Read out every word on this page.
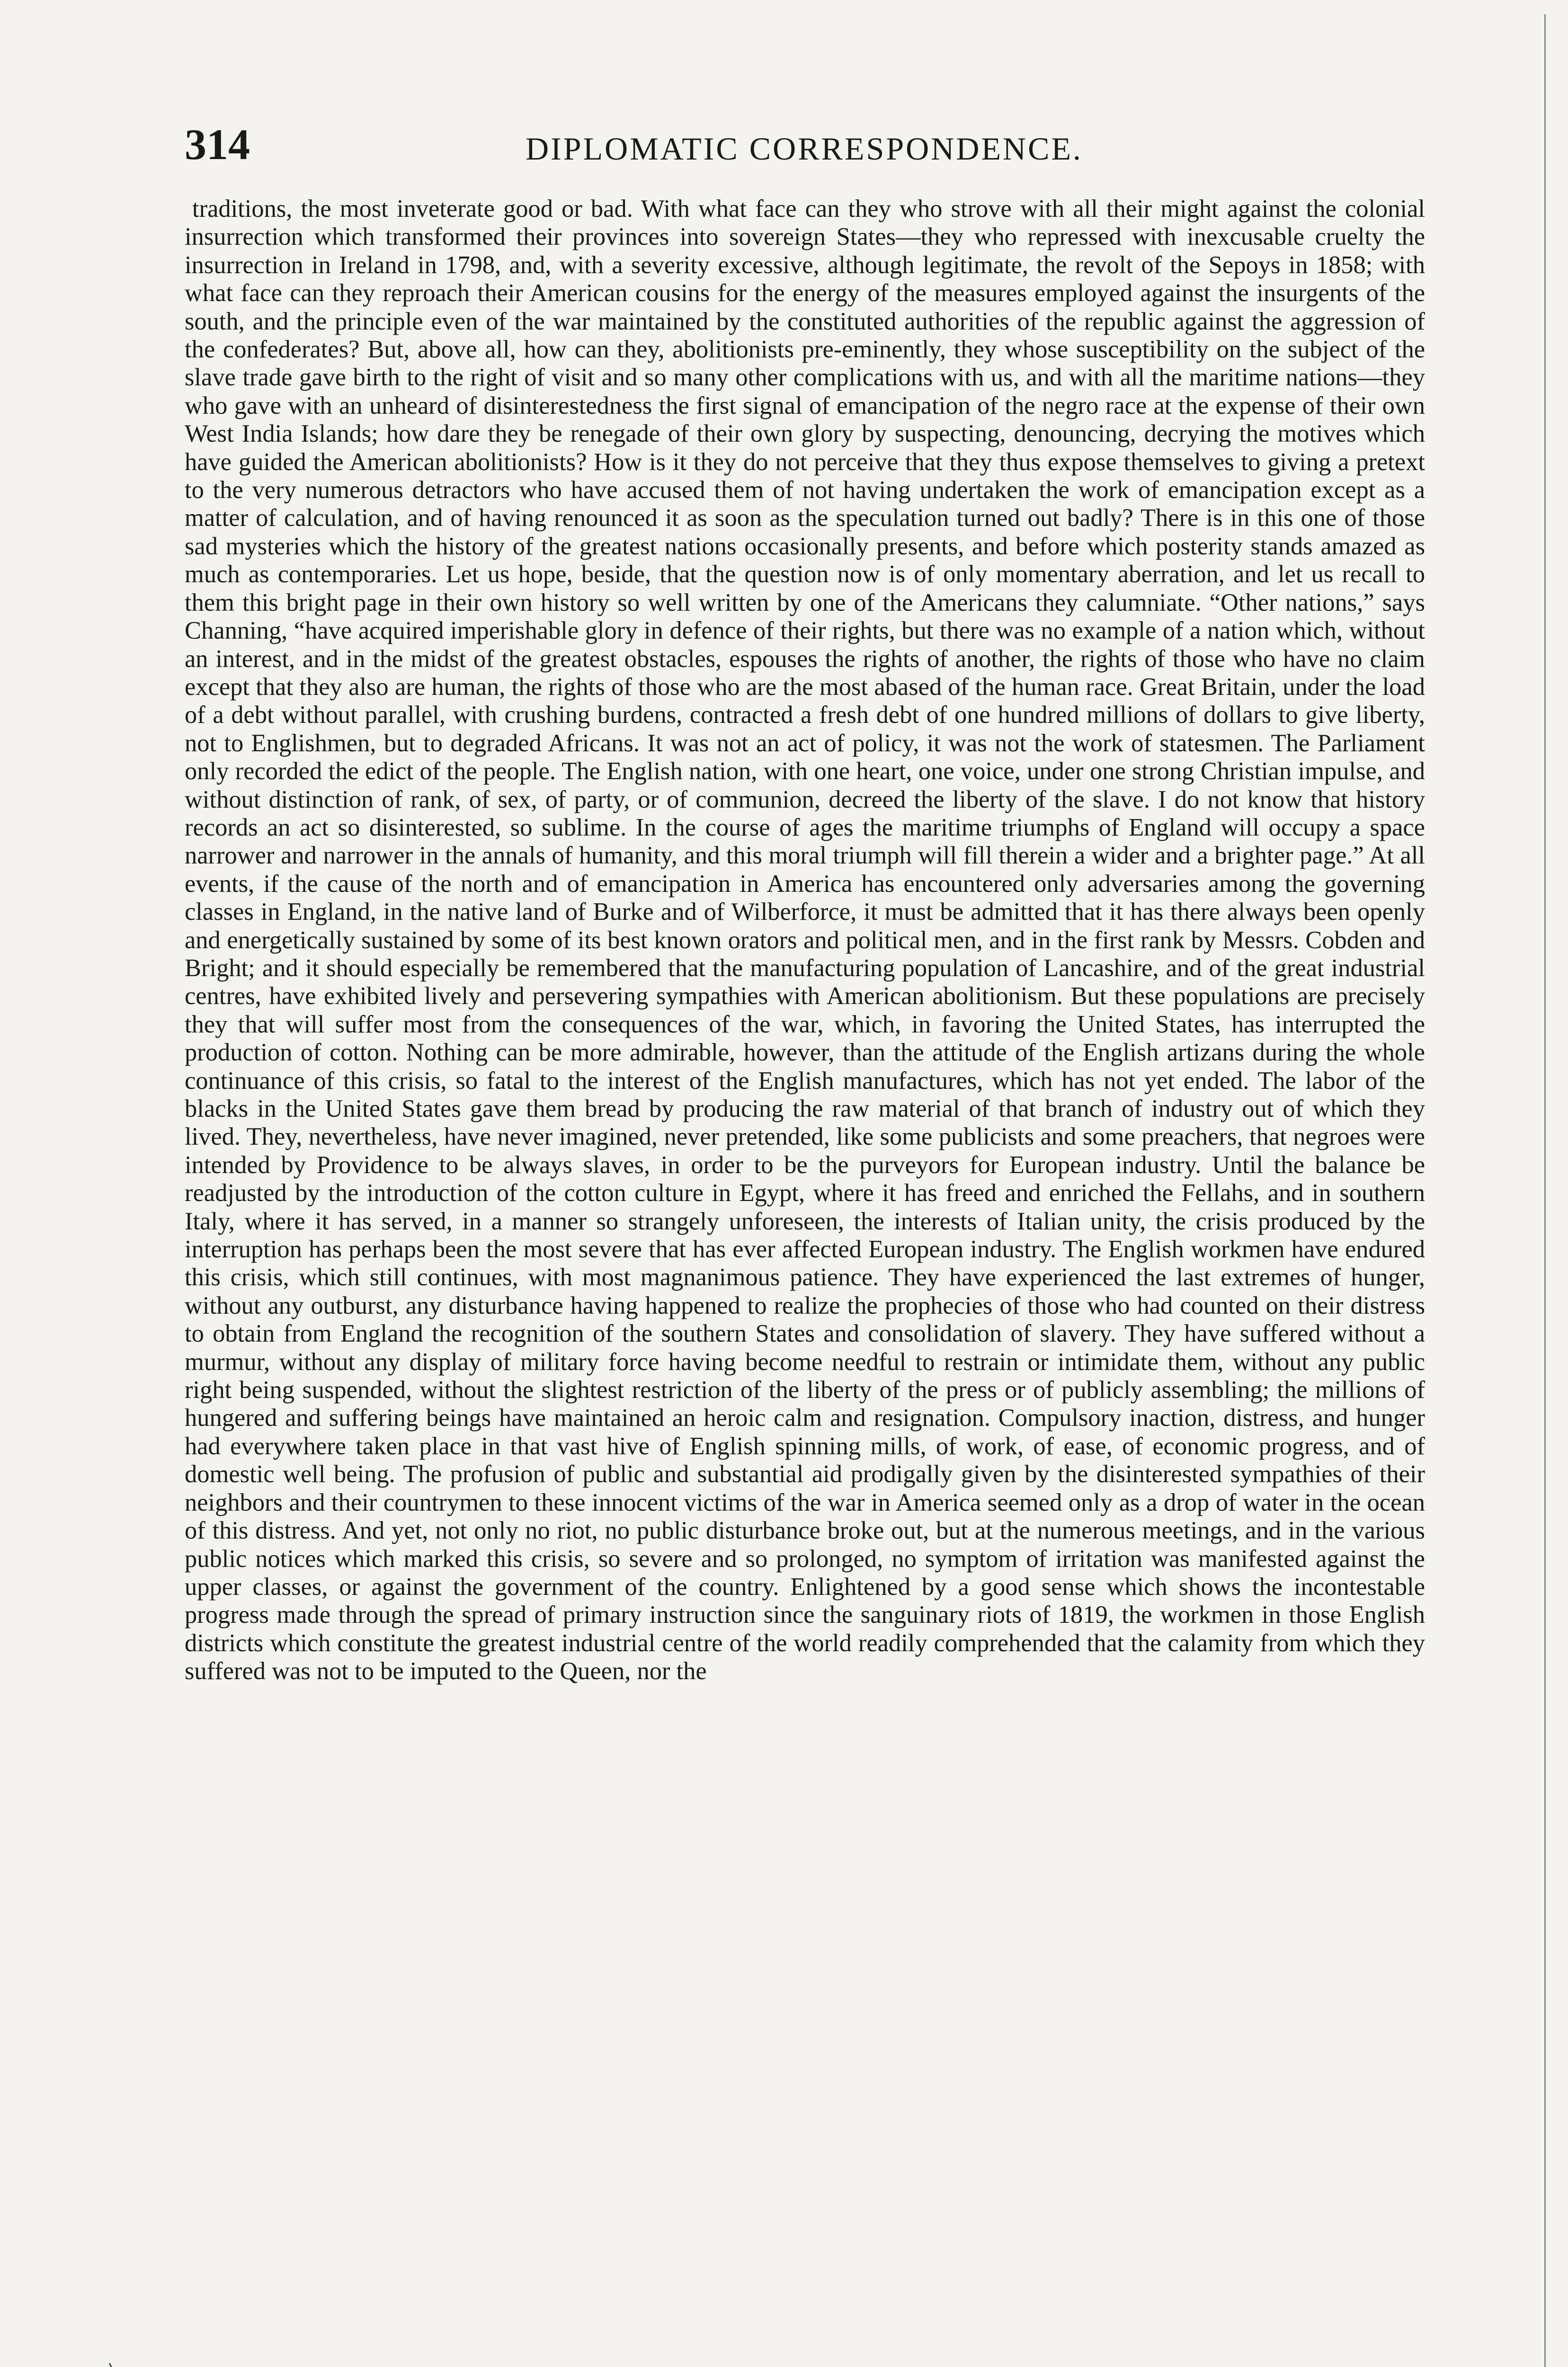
314	DIPLOMATIC CORRESPONDENCE.
traditions, the most inveterate good or bad. With what face can they who strove with all their might against the colonial insurrection which transformed their provinces into sovereign States—they who repressed with inexcusable cruelty the insurrection in Ireland in 1798, and, with a severity excessive, although legitimate, the revolt of the Sepoys in 1858; with what face can they reproach their American cousins for the energy of the measures employed against the insurgents of the south, and the principle even of the war maintained by the constituted authorities of the republic against the aggression of the confederates? But, above all, how can they, abolitionists pre-eminently, they whose susceptibility on the subject of the slave trade gave birth to the right of visit and so many other complications with us, and with all the maritime nations—they who gave with an unheard of disinterestedness the first signal of emancipation of the negro race at the expense of their own West India Islands; how dare they be renegade of their own glory by suspecting, denouncing, decrying the motives which have guided the American abolitionists? How is it they do not perceive that they thus expose themselves to giving a pretext to the very numerous detractors who have accused them of not having undertaken the work of emancipation except as a matter of calculation, and of having renounced it as soon as the speculation turned out badly? There is in this one of those sad mysteries which the history of the greatest nations occasionally presents, and before which posterity stands amazed as much as contemporaries. Let us hope, beside, that the question now is of only momentary aberration, and let us recall to them this bright page in their own history so well written by one of the Americans they calumniate. “Other nations,” says Channing, “have acquired imperishable glory in defence of their rights, but there was no example of a nation which, without an interest, and in the midst of the greatest obstacles, espouses the rights of another, the rights of those who have no claim except that they also are human, the rights of those who are the most abased of the human race. Great Britain, under the load of a debt without parallel, with crushing burdens, contracted a fresh debt of one hundred millions of dollars to give liberty, not to Englishmen, but to degraded Africans. It was not an act of policy, it was not the work of statesmen. The Parliament only recorded the edict of the people. The English nation, with one heart, one voice, under one strong Christian impulse, and without distinction of rank, of sex, of party, or of communion, decreed the liberty of the slave. I do not know that history records an act so disinterested, so sublime. In the course of ages the maritime triumphs of England will occupy a space narrower and narrower in the annals of humanity, and this moral triumph will fill therein a wider and a brighter page.” At all events, if the cause of the north and of emancipation in America has encountered only adversaries among the governing classes in England, in the native land of Burke and of Wilberforce, it must be admitted that it has there always been openly and energetically sustained by some of its best known orators and political men, and in the first rank by Messrs. Cobden and Bright; and it should especially be remembered that the manufacturing population of Lancashire, and of the great industrial centres, have exhibited lively and persevering sympathies with American abolitionism. But these populations are precisely they that will suffer most from the consequences of the war, which, in favoring the United States, has interrupted the production of cotton. Nothing can be more admirable, however, than the attitude of the English artizans during the whole continuance of this crisis, so fatal to the interest of the English manufactures, which has not yet ended. The labor of the blacks in the United States gave them bread by producing the raw material of that branch of industry out of which they lived. They, nevertheless, have never imagined, never pretended, like some publicists and some preachers, that negroes were intended by Providence to be always slaves, in order to be the purveyors for European industry. Until the balance be readjusted by the introduction of the cotton culture in Egypt, where it has freed and enriched the Fellahs, and in southern Italy, where it has served, in a manner so strangely unforeseen, the interests of Italian unity, the crisis produced by the interruption has perhaps been the most severe that has ever affected European industry. The English workmen have endured this crisis, which still continues, with most magnanimous patience. They have experienced the last extremes of hunger, without any outburst, any disturbance having happened to realize the prophecies of those who had counted on their distress to obtain from England the recognition of the southern States and consolidation of slavery. They have suffered without a murmur, without any display of military force having become needful to restrain or intimidate them, without any public right being suspended, without the slightest restriction of the liberty of the press or of publicly assembling; the millions of hungered and suffering beings have maintained an heroic calm and resignation. Compulsory inaction, distress, and hunger had everywhere taken place in that vast hive of English spinning mills, of work, of ease, of economic progress, and of domestic well being. The profusion of public and substantial aid prodigally given by the disinterested sympathies of their neighbors and their countrymen to these innocent victims of the war in America seemed only as a drop of water in the ocean of this distress. And yet, not only no riot, no public disturbance broke out, but at the numerous meetings, and in the various public notices which marked this crisis, so severe and so prolonged, no symptom of irritation was manifested against the upper classes, or against the government of the country. Enlightened by a good sense which shows the incontestable progress made through the spread of primary instruction since the sanguinary riots of 1819, the workmen in those English districts which constitute the greatest industrial centre of the world readily comprehended that the calamity from which they suffered was not to be imputed to the Queen, nor the
